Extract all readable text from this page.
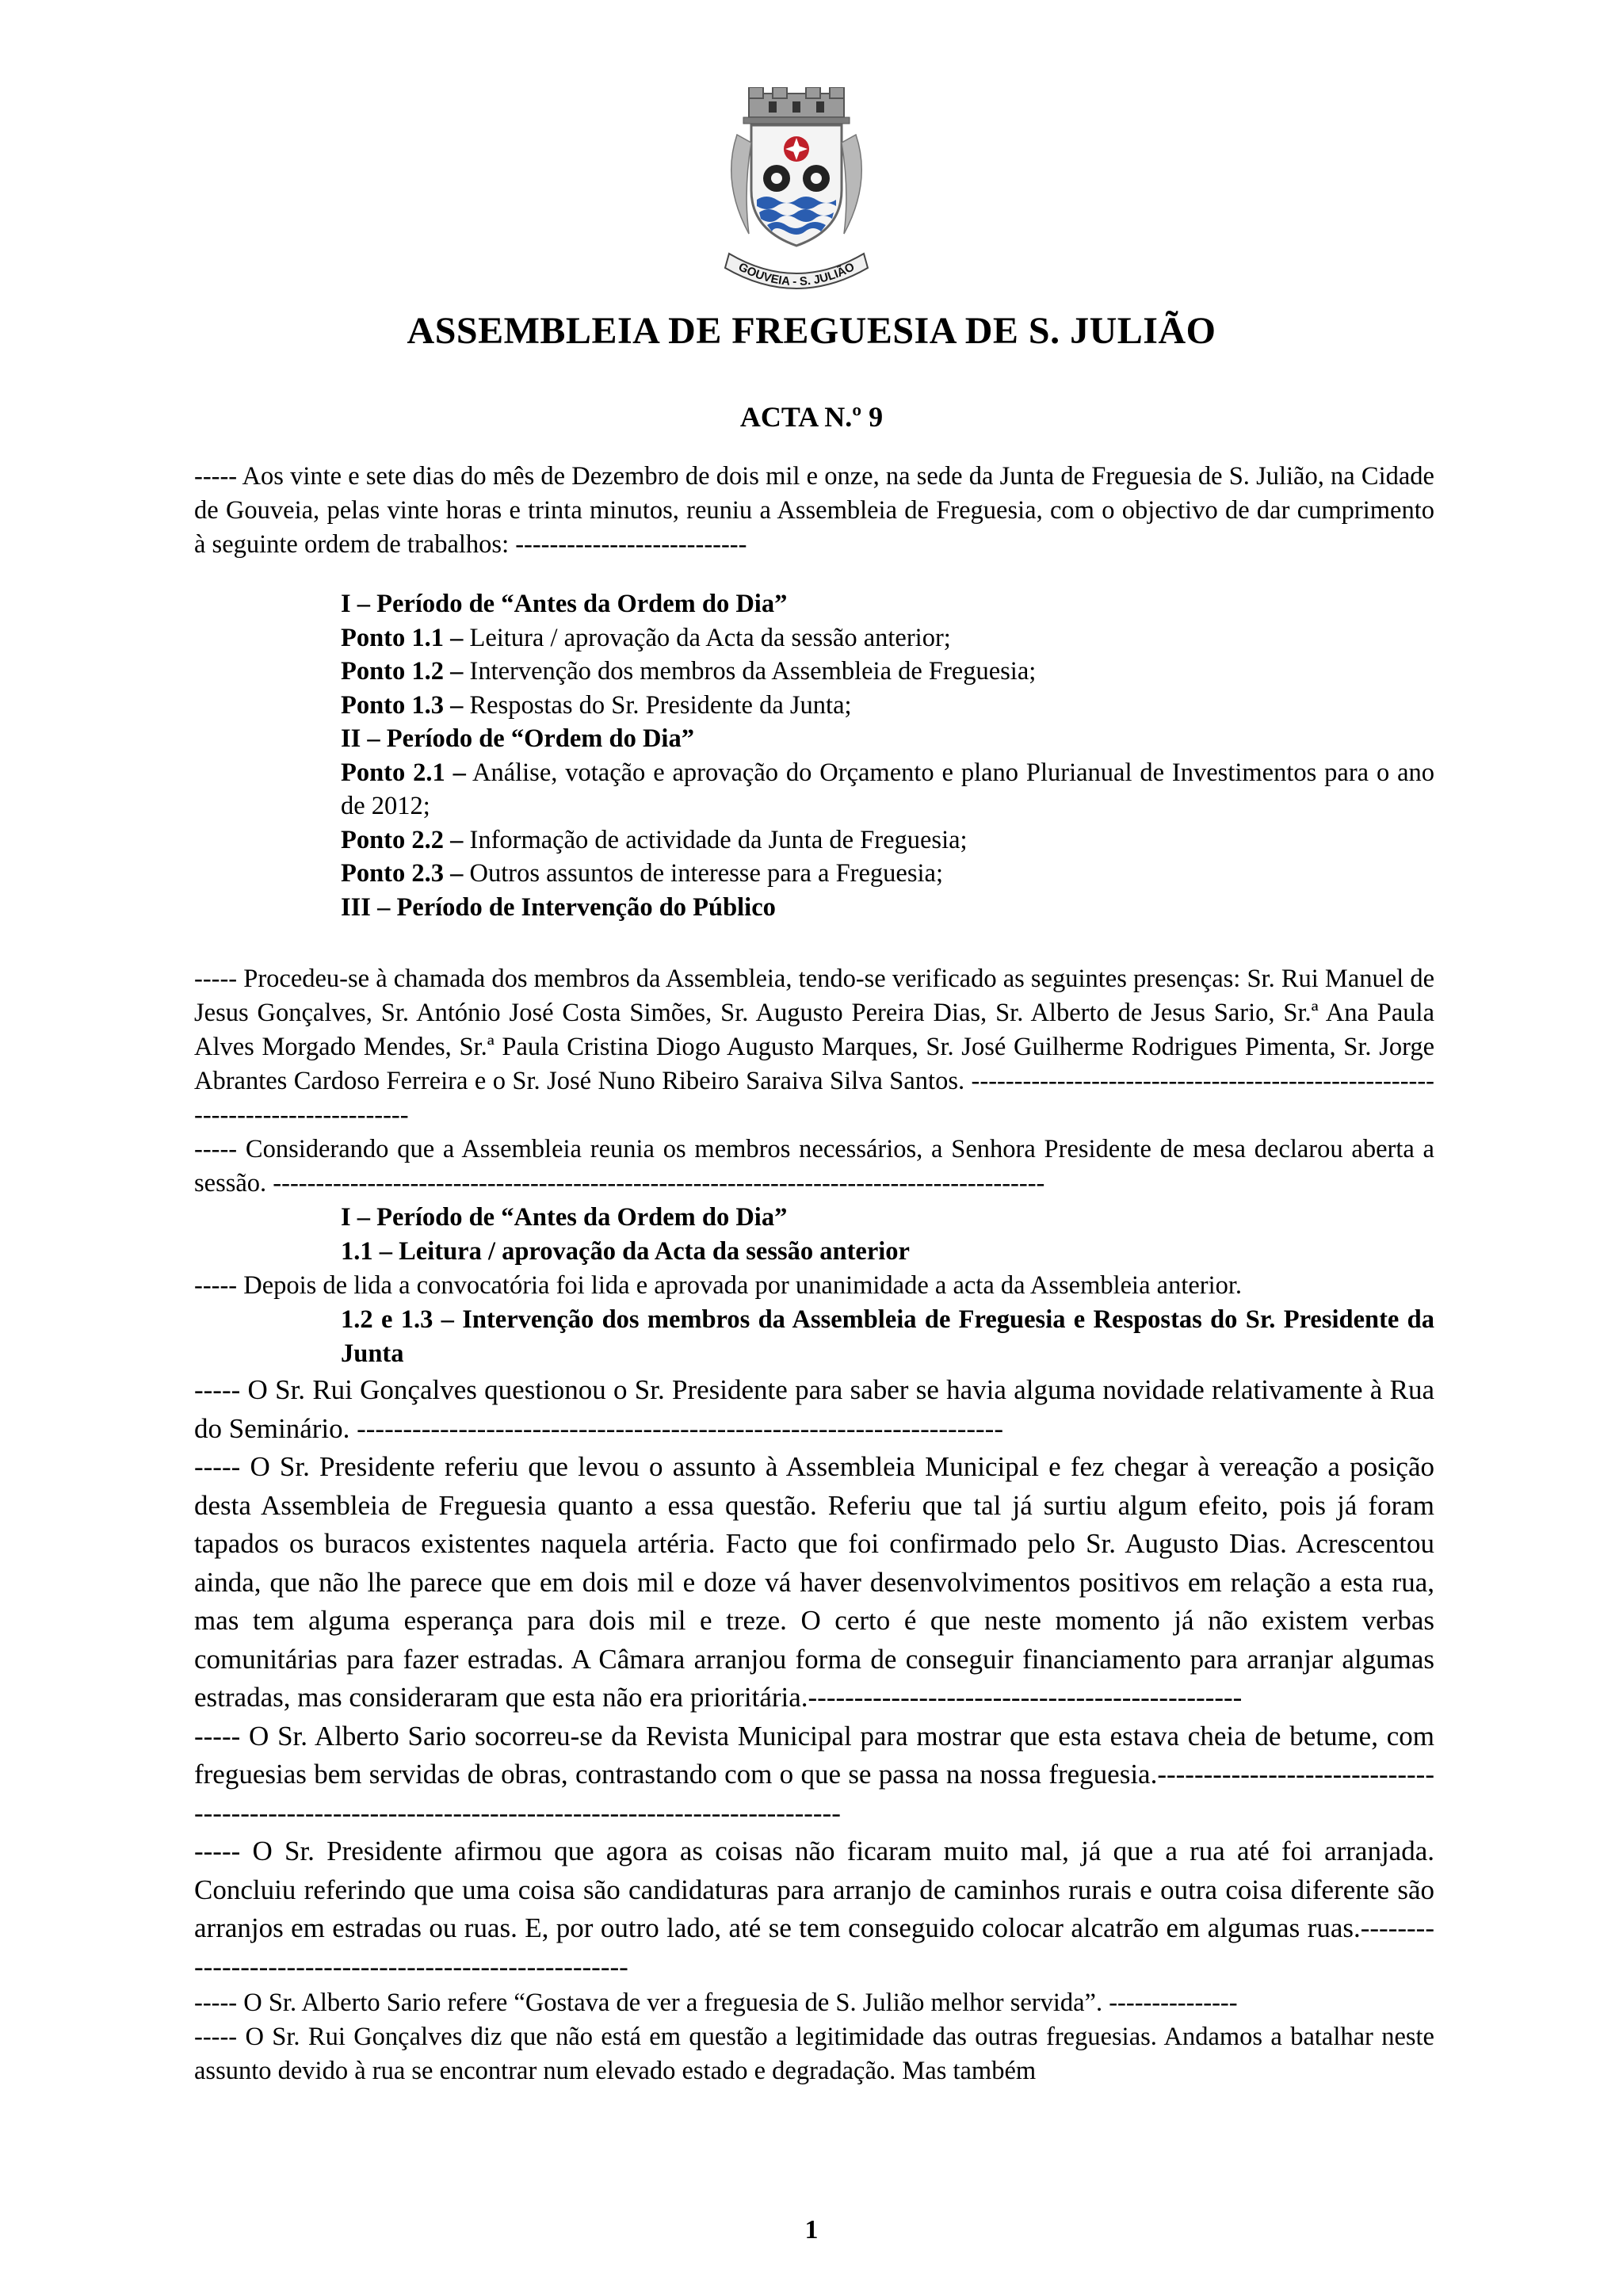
GOUVEIA - S. JULIÃO
ASSEMBLEIA DE FREGUESIA DE S. JULIÃO
ACTA N.º 9

----- Aos vinte e sete dias do mês de Dezembro de dois mil e onze, na sede da Junta de Freguesia de S. Julião, na Cidade de Gouveia, pelas vinte horas e trinta minutos, reuniu a Assembleia de Freguesia, com o objectivo de dar cumprimento à seguinte ordem de trabalhos: ---------------------------

I – Período de “Antes da Ordem do Dia”

Ponto 1.1 – Leitura / aprovação da Acta da sessão anterior;

Ponto 1.2 – Intervenção dos membros da Assembleia de Freguesia;

Ponto 1.3 – Respostas do Sr. Presidente da Junta;

II – Período de “Ordem do Dia”

Ponto 2.1 – Análise, votação e aprovação do Orçamento e plano Plurianual de Investimentos para o ano de 2012;

Ponto 2.2 – Informação de actividade da Junta de Freguesia;

Ponto 2.3 – Outros assuntos de interesse para a Freguesia;

III – Período de Intervenção do Público

----- Procedeu-se à chamada dos membros da Assembleia, tendo-se verificado as seguintes presenças: Sr. Rui Manuel de Jesus Gonçalves, Sr. António José Costa Simões, Sr. Augusto Pereira Dias, Sr. Alberto de Jesus Sario, Sr.ª Ana Paula Alves Morgado Mendes, Sr.ª Paula Cristina Diogo Augusto Marques, Sr. José Guilherme Rodrigues Pimenta, Sr. Jorge Abrantes Cardoso Ferreira e o Sr. José Nuno Ribeiro Saraiva Silva Santos. -------------------------------------------------------------------------------

----- Considerando que a Assembleia reunia os membros necessários, a Senhora Presidente de mesa declarou aberta a sessão. ------------------------------------------------------------------------------------------

I – Período de “Antes da Ordem do Dia”

1.1 – Leitura / aprovação da Acta da sessão anterior

----- Depois de lida a convocatória foi lida e aprovada por unanimidade a acta da Assembleia anterior.

1.2 e 1.3 – Intervenção dos membros da Assembleia de Freguesia e Respostas do Sr. Presidente da Junta

----- O Sr. Rui Gonçalves questionou o Sr. Presidente para saber se havia alguma novidade relativamente à Rua do Seminário. ----------------------------------------------------------------------

----- O Sr. Presidente referiu que levou o assunto à Assembleia Municipal e fez chegar à vereação a posição desta Assembleia de Freguesia quanto a essa questão. Referiu que tal já surtiu algum efeito, pois já foram tapados os buracos existentes naquela artéria. Facto que foi confirmado pelo Sr. Augusto Dias. Acrescentou ainda, que não lhe parece que em dois mil e doze vá haver desenvolvimentos positivos em relação a esta rua, mas tem alguma esperança para dois mil e treze. O certo é que neste momento já não existem verbas comunitárias para fazer estradas. A Câmara arranjou forma de conseguir financiamento para arranjar algumas estradas, mas consideraram que esta não era prioritária.-----------------------------------------------

----- O Sr. Alberto Sario socorreu-se da Revista Municipal para mostrar que esta estava cheia de betume, com freguesias bem servidas de obras, contrastando com o que se passa na nossa freguesia.----------------------------------------------------------------------------------------------------

----- O Sr. Presidente afirmou que agora as coisas não ficaram muito mal, já que a rua até foi arranjada. Concluiu referindo que uma coisa são candidaturas para arranjo de caminhos rurais e outra coisa diferente são arranjos em estradas ou ruas. E, por outro lado, até se tem conseguido colocar alcatrão em algumas ruas.-------------------------------------------------------

----- O Sr. Alberto Sario refere “Gostava de ver a freguesia de S. Julião melhor servida”. ---------------

----- O Sr. Rui Gonçalves diz que não está em questão a legitimidade das outras freguesias. Andamos a batalhar neste assunto devido à rua se encontrar num elevado estado e degradação. Mas também

1
